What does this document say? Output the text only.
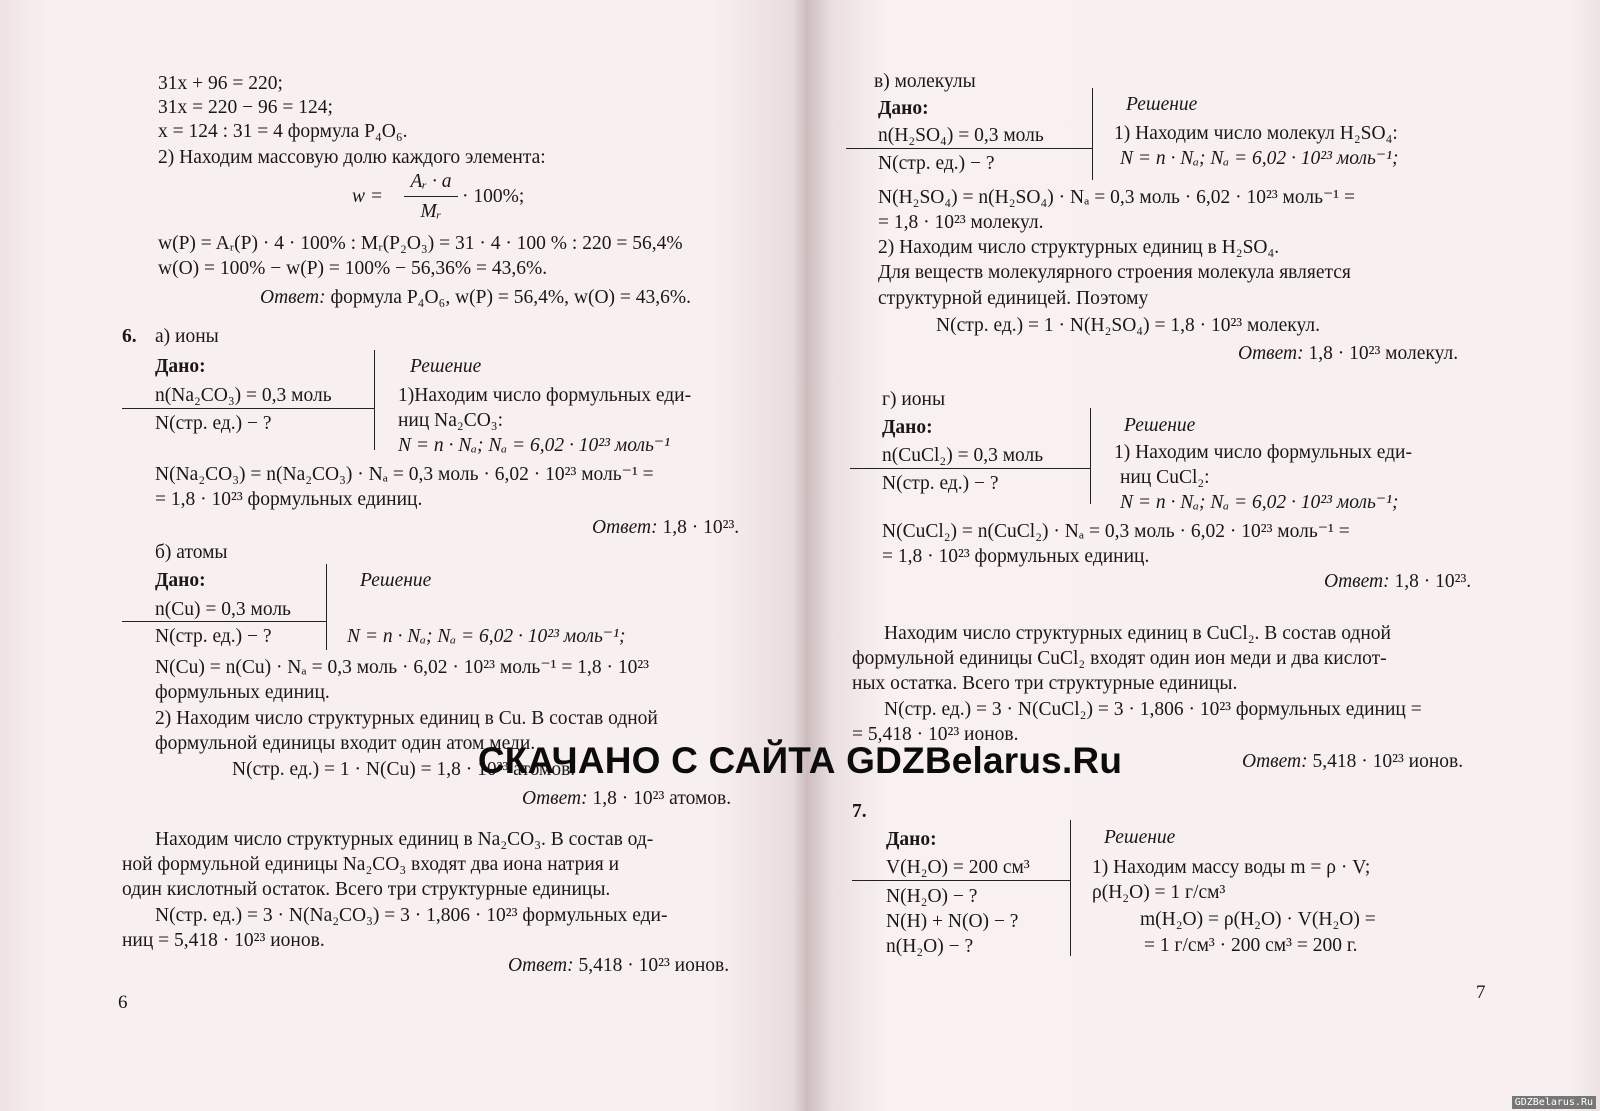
31x + 96 = 220;
31x = 220 − 96 = 124;
x = 124 : 31 = 4 формула P₄O₆.
2) Находим массовую долю каждого элемента:
w =
Aᵣ · a
Mᵣ
· 100%;
w(P) = Aᵣ(P) · 4 · 100% : Mᵣ(P₂O₃) = 31 · 4 · 100 % : 220 = 56,4%
w(O) = 100% − w(P) = 100% − 56,36% = 43,6%.
Ответ: формула P₄O₆, w(P) = 56,4%, w(O) = 43,6%.
6. а) ионы
Дано:	Решение
n(Na₂CO₃) = 0,3 моль
N(стр. ед.) − ?
1)Находим число формульных еди-
ниц Na₂CO₃:
N = n · Nₐ; Nₐ = 6,02 · 10²³ моль⁻¹
N(Na₂CO₃) = n(Na₂CO₃) · Nₐ = 0,3 моль · 6,02 · 10²³ моль⁻¹ =
= 1,8 · 10²³ формульных единиц.
Ответ: 1,8 · 10²³.
б) атомы
Дано:	Решение
n(Cu) = 0,3 моль
N(стр. ед.) − ?	N = n · Nₐ; Nₐ = 6,02 · 10²³ моль⁻¹;
N(Cu) = n(Cu) · Nₐ = 0,3 моль · 6,02 · 10²³ моль⁻¹ = 1,8 · 10²³
формульных единиц.
2) Находим число структурных единиц в Cu. В состав одной
формульной единицы входит один атом меди.
N(стр. ед.) = 1 · N(Cu) = 1,8 · 10²³ атомов.
Ответ: 1,8 · 10²³ атомов.
Находим число структурных единиц в Na₂CO₃. В состав од-
ной формульной единицы Na₂CO₃ входят два иона натрия и
один кислотный остаток. Всего три структурные единицы.
N(стр. ед.) = 3 · N(Na₂CO₃) = 3 · 1,806 · 10²³ формульных еди-
ниц = 5,418 · 10²³ ионов.
Ответ: 5,418 · 10²³ ионов.
6
в) молекулы
Дано:	Решение
n(H₂SO₄) = 0,3 моль
N(стр. ед.) − ?
1) Находим число молекул H₂SO₄:
N = n · Nₐ; Nₐ = 6,02 · 10²³ моль⁻¹;
N(H₂SO₄) = n(H₂SO₄) · Nₐ = 0,3 моль · 6,02 · 10²³ моль⁻¹ =
= 1,8 · 10²³ молекул.
2) Находим число структурных единиц в H₂SO₄.
Для веществ молекулярного строения молекула является
структурной единицей. Поэтому
N(стр. ед.) = 1 · N(H₂SO₄) = 1,8 · 10²³ молекул.
Ответ: 1,8 · 10²³ молекул.
г) ионы
Дано:	Решение
n(CuCl₂) = 0,3 моль
N(стр. ед.) − ?
1) Находим число формульных еди-
ниц CuCl₂:
N = n · Nₐ; Nₐ = 6,02 · 10²³ моль⁻¹;
N(CuCl₂) = n(CuCl₂) · Nₐ = 0,3 моль · 6,02 · 10²³ моль⁻¹ =
= 1,8 · 10²³ формульных единиц.
Ответ: 1,8 · 10²³.
Находим число структурных единиц в CuCl₂. В состав одной
формульной единицы CuCl₂ входят один ион меди и два кислот-
ных остатка. Всего три структурные единицы.
N(стр. ед.) = 3 · N(CuCl₂) = 3 · 1,806 · 10²³ формульных единиц =
= 5,418 · 10²³ ионов.
Ответ: 5,418 · 10²³ ионов.
7.
Дано:	Решение
V(H₂O) = 200 см³
N(H₂O) − ?
N(H) + N(O) − ?
n(H₂O) − ?
1) Находим массу воды m = ρ · V;
ρ(H₂O) = 1 г/см³
m(H₂O) = ρ(H₂O) · V(H₂O) =
= 1 г/см³ · 200 см³ = 200 г.
7
СКАЧАНО С САЙТА GDZBelarus.Ru
GDZBelarus.Ru
